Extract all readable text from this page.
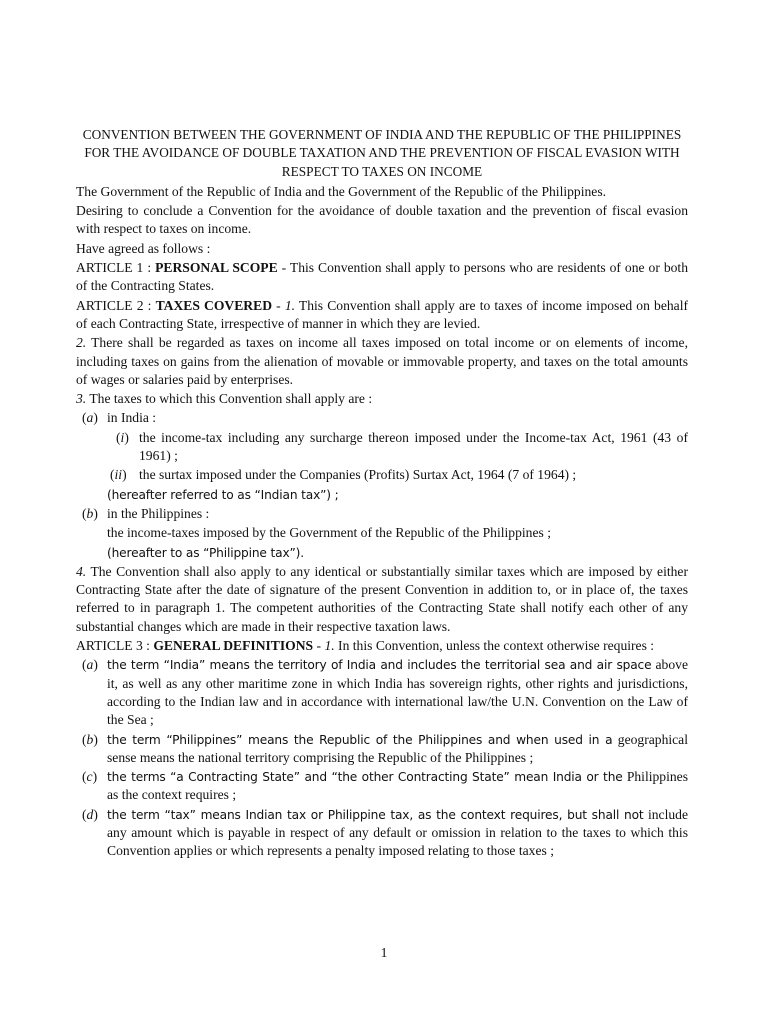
CONVENTION BETWEEN THE GOVERNMENT OF INDIA AND THE REPUBLIC OF THE PHILIPPINES FOR THE AVOIDANCE OF DOUBLE TAXATION AND THE PREVENTION OF FISCAL EVASION WITH RESPECT TO TAXES ON INCOME

The Government of the Republic of India and the Government of the Republic of the Philippines.

Desiring to conclude a Convention for the avoidance of double taxation and the prevention of fiscal evasion with respect to taxes on income.

Have agreed as follows :

ARTICLE 1 : PERSONAL SCOPE - This Convention shall apply to persons who are residents of one or both of the Contracting States.

ARTICLE 2 : TAXES COVERED - 1. This Convention shall apply are to taxes of income imposed on behalf of each Contracting State, irrespective of manner in which they are levied.

2. There shall be regarded as taxes on income all taxes imposed on total income or on elements of income, including taxes on gains from the alienation of movable or immovable property, and taxes on the total amounts of wages or salaries paid by enterprises.

3. The taxes to which this Convention shall apply are :

(a) in India :

(i) the income-tax including any surcharge thereon imposed under the Income-tax Act, 1961 (43 of 1961) ;

(ii) the surtax imposed under the Companies (Profits) Surtax Act, 1964 (7 of 1964) ;

(hereafter referred to as “Indian tax”) ;

(b) in the Philippines :

the income-taxes imposed by the Government of the Republic of the Philippines ;

(hereafter to as “Philippine tax”).

4. The Convention shall also apply to any identical or substantially similar taxes which are imposed by either Contracting State after the date of signature of the present Convention in addition to, or in place of, the taxes referred to in paragraph 1. The competent authorities of the Contracting State shall notify each other of any substantial changes which are made in their respective taxation laws.

ARTICLE 3 : GENERAL DEFINITIONS - 1. In this Convention, unless the context otherwise requires :

(a) the term “India” means the territory of India and includes the territorial sea and air space above it, as well as any other maritime zone in which India has sovereign rights, other rights and jurisdictions, according to the Indian law and in accordance with international law/the U.N. Convention on the Law of the Sea ;

(b) the term “Philippines” means the Republic of the Philippines and when used in a geographical sense means the national territory comprising the Republic of the Philippines ;

(c) the terms “a Contracting State” and “the other Contracting State” mean India or the Philippines as the context requires ;

(d) the term “tax” means Indian tax or Philippine tax, as the context requires, but shall not include any amount which is payable in respect of any default or omission in relation to the taxes to which this Convention applies or which represents a penalty imposed relating to those taxes ;

1
